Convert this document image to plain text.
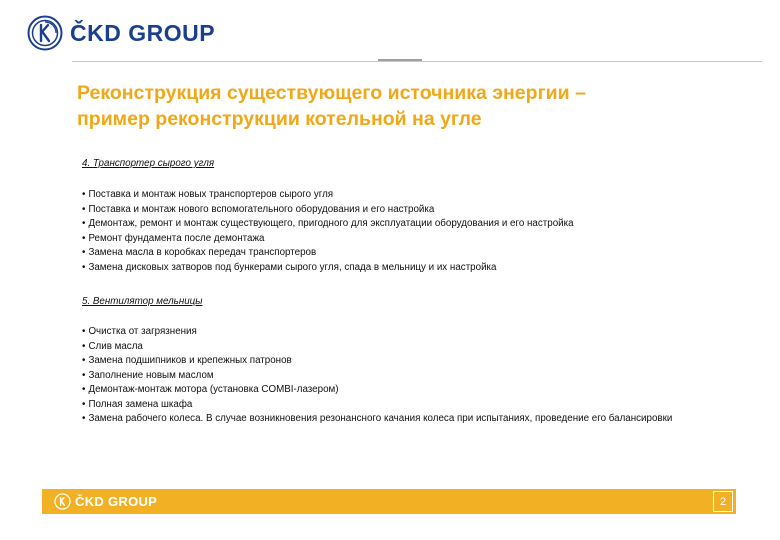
ČKD GROUP
Реконструкция существующего источника энергии –
пример реконструкции котельной на угле

4. Транспортер сырого угля

• Поставка и монтаж новых транспортеров сырого угля
• Поставка и монтаж нового вспомогательного оборудования и его настройка
• Демонтаж, ремонт и монтаж существующего, пригодного для эксплуатации оборудования и его настройка
• Ремонт фундамента после демонтажа
• Замена масла в коробках передач транспортеров
• Замена дисковых затворов под бункерами сырого угля, спада в мельницу и их настройка

5. Вентилятор мельницы

• Очистка от загрязнения
• Слив масла
• Замена подшипников и крепежных патронов
• Заполнение новым маслом
• Демонтаж-монтаж мотора (установка COMBI-лазером)
• Полная замена шкафа
• Замена рабочего колеса. В случае возникновения резонансного качания колеса при испытаниях, проведение его балансировки
ČKD GROUP	2
